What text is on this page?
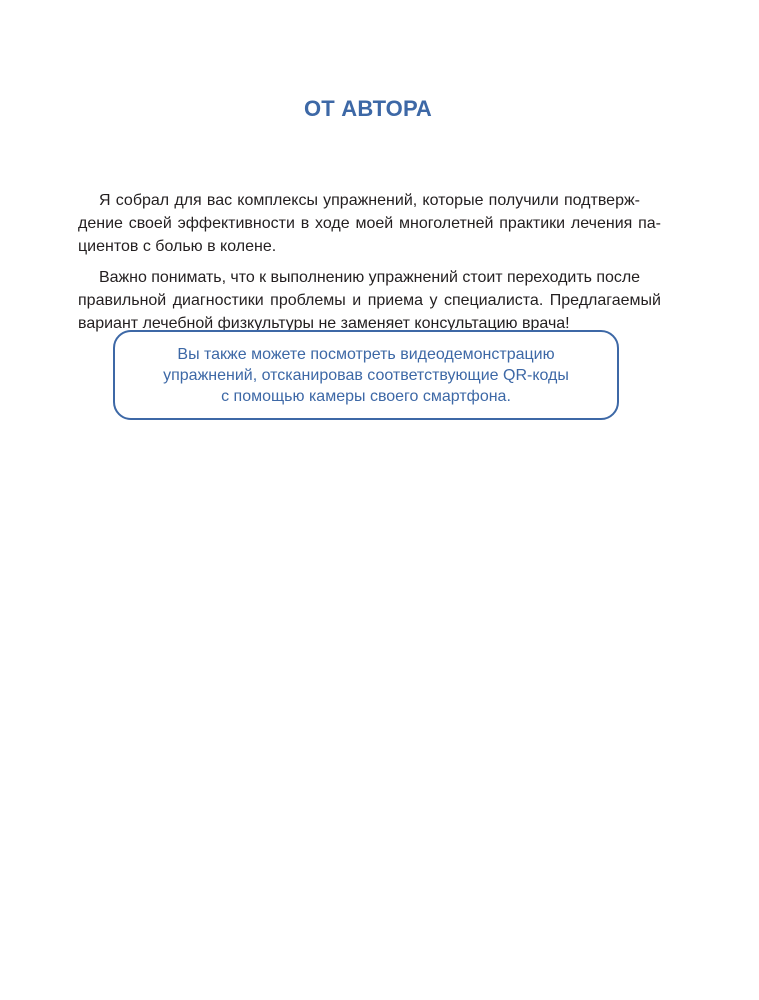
ОТ АВТОРА

Я собрал для вас комплексы упражнений, которые получили подтверж-
дение своей эффективности в ходе моей многолетней практики лечения па-
циентов с болью в колене.

Важно понимать, что к выполнению упражнений стоит переходить после
правильной диагностики проблемы и приема у специалиста. Предлагаемый
вариант лечебной физкультуры не заменяет консультацию врача!

Вы также можете посмотреть видеодемонстрацию
упражнений, отсканировав соответствующие QR-коды
с помощью камеры своего смартфона.
